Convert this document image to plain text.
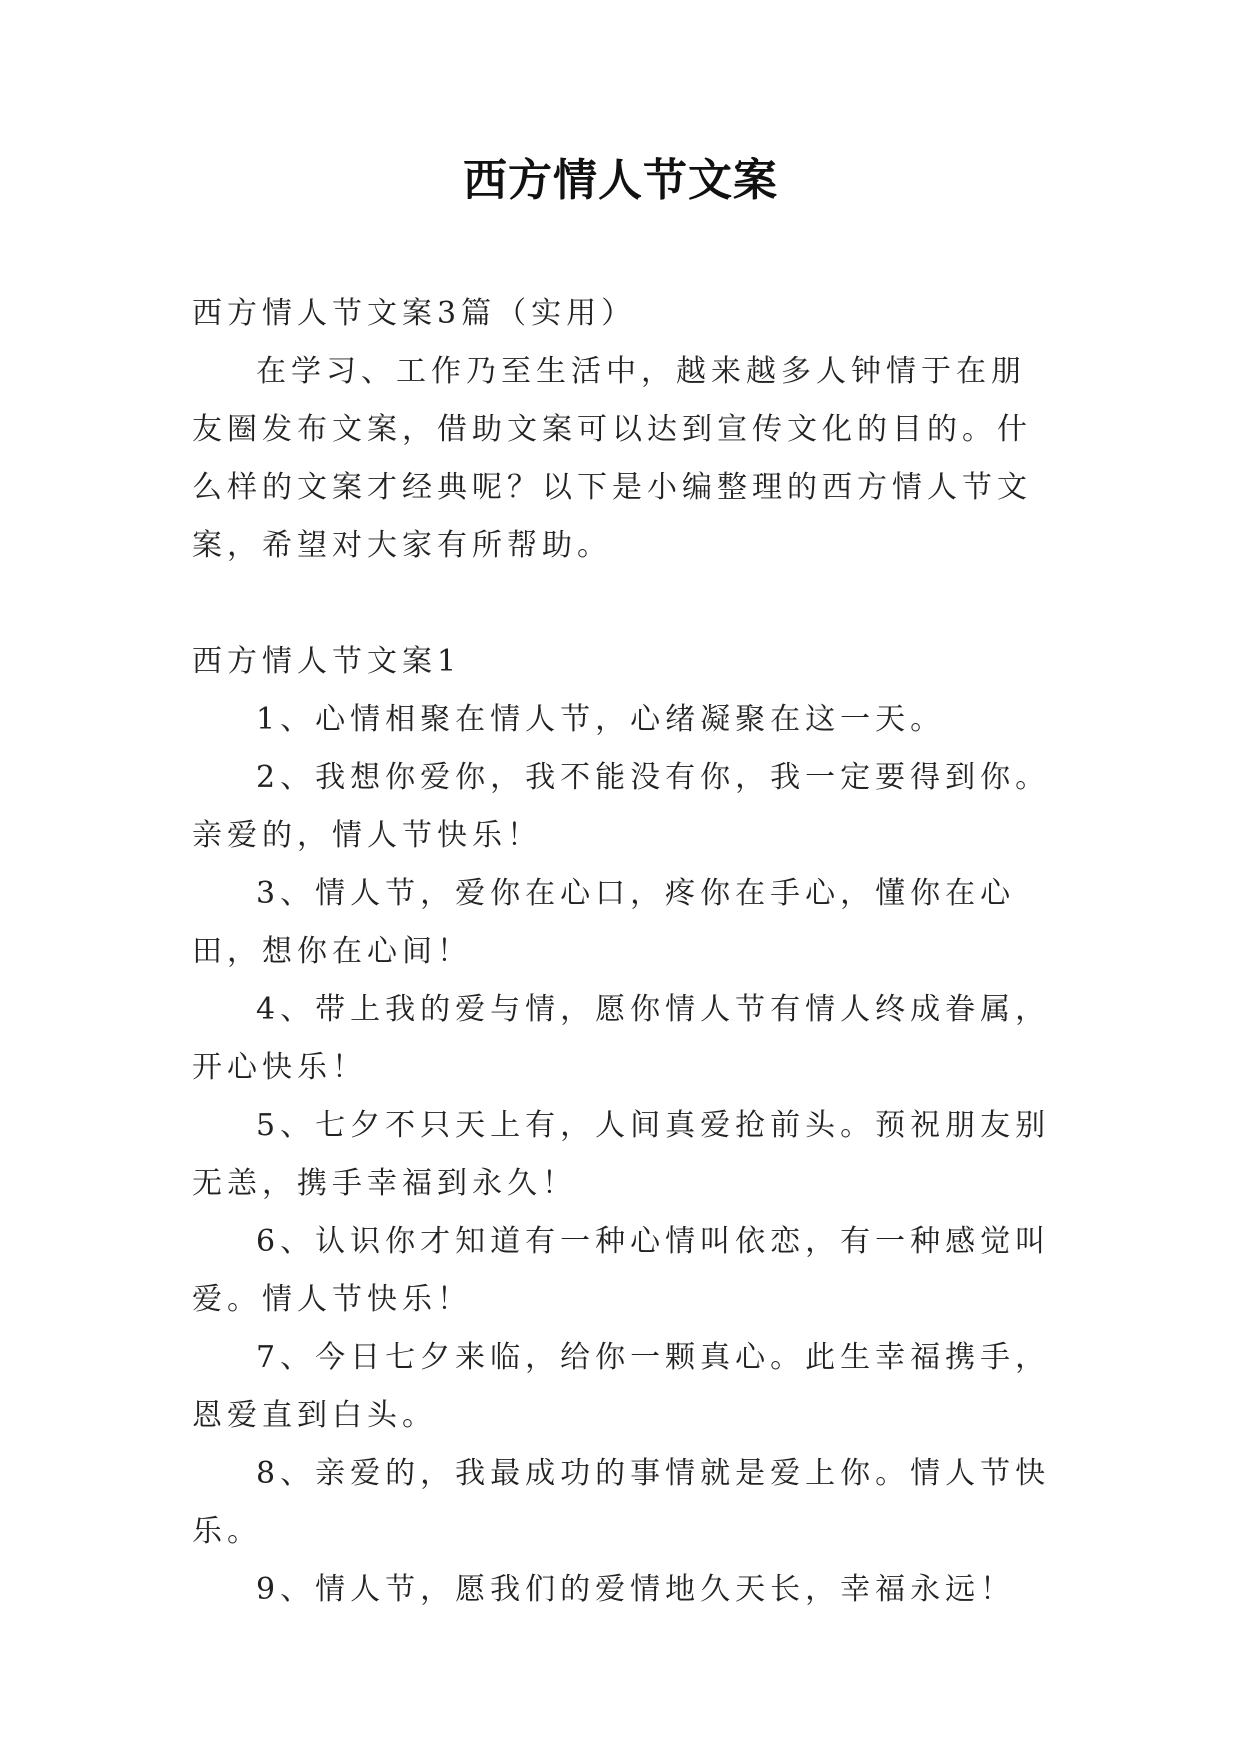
西方情人节文案

西方情人节文案3篇（实用）

在学习、工作乃至生活中，越来越多人钟情于在朋友圈发布文案，借助文案可以达到宣传文化的目的。什么样的文案才经典呢？以下是小编整理的西方情人节文案，希望对大家有所帮助。

西方情人节文案1

1、心情相聚在情人节，心绪凝聚在这一天。

2、我想你爱你，我不能没有你，我一定要得到你。亲爱的，情人节快乐！

3、情人节，爱你在心口，疼你在手心，懂你在心田，想你在心间！

4、带上我的爱与情，愿你情人节有情人终成眷属，开心快乐！

5、七夕不只天上有，人间真爱抢前头。预祝朋友别无恙，携手幸福到永久！

6、认识你才知道有一种心情叫依恋，有一种感觉叫爱。情人节快乐！

7、今日七夕来临，给你一颗真心。此生幸福携手，恩爱直到白头。

8、亲爱的，我最成功的事情就是爱上你。情人节快乐。

9、情人节，愿我们的爱情地久天长，幸福永远！
